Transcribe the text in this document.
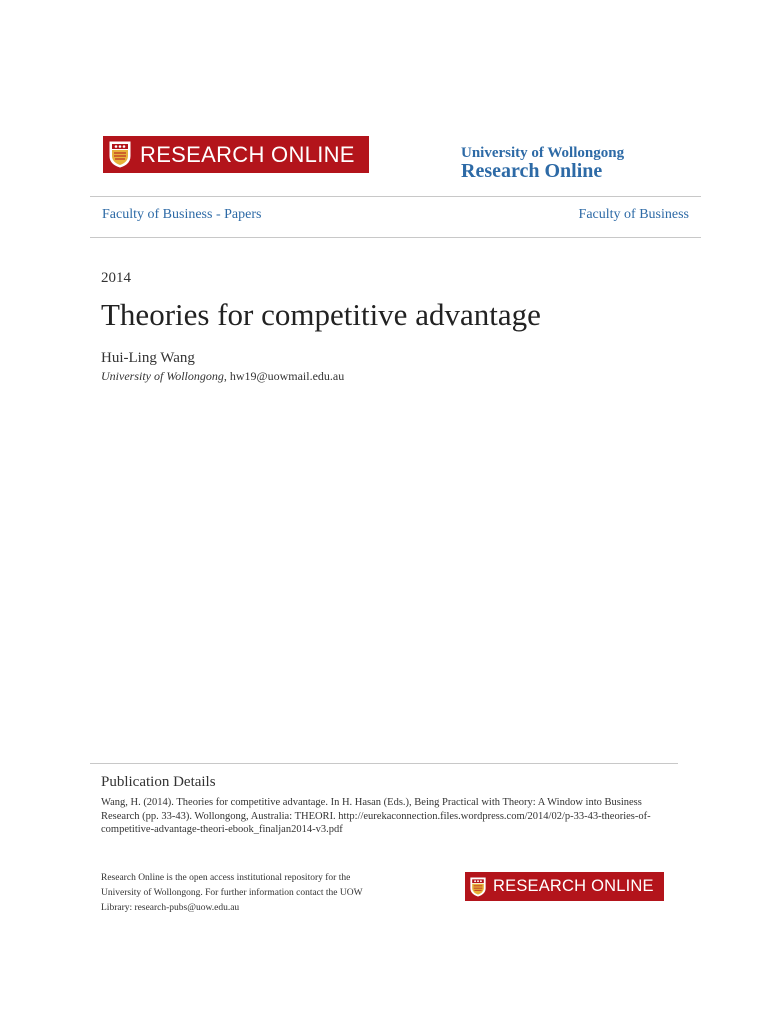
RESEARCH ONLINE	University of Wollongong
Research Online
Faculty of Business - Papers	Faculty of Business
2014
Theories for competitive advantage
Hui-Ling Wang
University of Wollongong, hw19@uowmail.edu.au
Publication Details
Wang, H. (2014). Theories for competitive advantage. In H. Hasan (Eds.), Being Practical with Theory: A Window into Business Research (pp. 33-43). Wollongong, Australia: THEORI. http://eurekaconnection.files.wordpress.com/2014/02/p-33-43-theories-of-competitive-advantage-theori-ebook_finaljan2014-v3.pdf
Research Online is the open access institutional repository for the University of Wollongong. For further information contact the UOW Library: research-pubs@uow.edu.au
RESEARCH ONLINE
